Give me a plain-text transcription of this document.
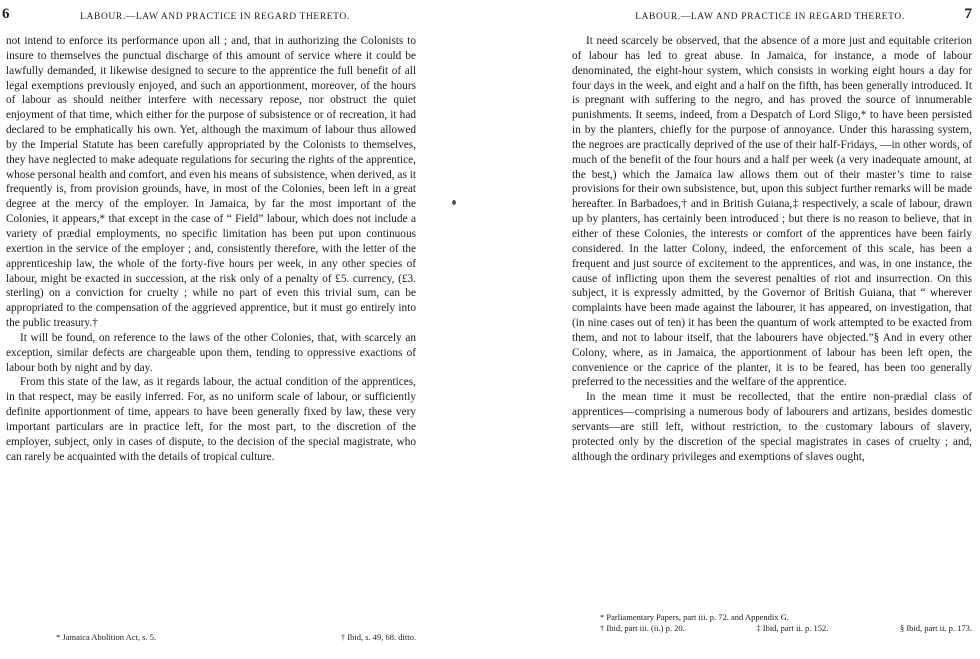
6	LABOUR.—LAW AND PRACTICE IN REGARD THERETO.

not intend to enforce its performance upon all ; and, that in authorizing the Colonists to insure to themselves the punctual discharge of this amount of service where it could be lawfully demanded, it likewise designed to secure to the apprentice the full benefit of all legal exemptions previously enjoyed, and such an apportionment, moreover, of the hours of labour as should neither interfere with necessary repose, nor obstruct the quiet enjoyment of that time, which either for the purpose of subsistence or of recreation, it had declared to be emphatically his own. Yet, although the maximum of labour thus allowed by the Imperial Statute has been carefully appropriated by the Colonists to themselves, they have neglected to make adequate regulations for securing the rights of the apprentice, whose personal health and comfort, and even his means of subsistence, when derived, as it frequently is, from provision grounds, have, in most of the Colonies, been left in a great degree at the mercy of the employer. In Jamaica, by far the most important of the Colonies, it appears,* that except in the case of “ Field” labour, which does not include a variety of prædial employments, no specific limitation has been put upon continuous exertion in the service of the employer ; and, consistently therefore, with the letter of the apprenticeship law, the whole of the forty-five hours per week, in any other species of labour, might be exacted in succession, at the risk only of a penalty of £5. currency, (£3. sterling) on a conviction for cruelty ; while no part of even this trivial sum, can be appropriated to the compensation of the aggrieved apprentice, but it must go entirely into the public treasury.†

It will be found, on reference to the laws of the other Colonies, that, with scarcely an exception, similar defects are chargeable upon them, tending to oppressive exactions of labour both by night and by day.

From this state of the law, as it regards labour, the actual condition of the apprentices, in that respect, may be easily inferred. For, as no uniform scale of labour, or sufficiently definite apportionment of time, appears to have been generally fixed by law, these very important particulars are in practice left, for the most part, to the discretion of the employer, subject, only in cases of dispute, to the decision of the special magistrate, who can rarely be acquainted with the details of tropical culture.

* Jamaica Abolition Act, s. 5.	† Ibid, s. 49, 68. ditto.
LABOUR.—LAW AND PRACTICE IN REGARD THERETO.	7

It need scarcely be observed, that the absence of a more just and equitable criterion of labour has led to great abuse. In Jamaica, for instance, a mode of labour denominated, the eight-hour system, which consists in working eight hours a day for four days in the week, and eight and a half on the fifth, has been generally introduced. It is pregnant with suffering to the negro, and has proved the source of innumerable punishments. It seems, indeed, from a Despatch of Lord Sligo,* to have been persisted in by the planters, chiefly for the purpose of annoyance. Under this harassing system, the negroes are practically deprived of the use of their half-Fridays, —in other words, of much of the benefit of the four hours and a half per week (a very inadequate amount, at the best,) which the Jamaica law allows them out of their master’s time to raise provisions for their own subsistence, but, upon this subject further remarks will be made hereafter. In Barbadoes,† and in British Guiana,‡ respectively, a scale of labour, drawn up by planters, has certainly been introduced ; but there is no reason to believe, that in either of these Colonies, the interests or comfort of the apprentices have been fairly considered. In the latter Colony, indeed, the enforcement of this scale, has been a frequent and just source of excitement to the apprentices, and was, in one instance, the cause of inflicting upon them the severest penalties of riot and insurrection. On this subject, it is expressly admitted, by the Governor of British Guiana, that “ wherever complaints have been made against the labourer, it has appeared, on investigation, that (in nine cases out of ten) it has been the quantum of work attempted to be exacted from them, and not to labour itself, that the labourers have objected.”§ And in every other Colony, where, as in Jamaica, the apportionment of labour has been left open, the convenience or the caprice of the planter, it is to be feared, has been too generally preferred to the necessities and the welfare of the apprentice.

In the mean time it must be recollected, that the entire non-prædial class of apprentices—comprising a numerous body of labourers and artizans, besides domestic servants—are still left, without restriction, to the customary labours of slavery, protected only by the discretion of the special magistrates in cases of cruelty ; and, although the ordinary privileges and exemptions of slaves ought,

* Parliamentary Papers, part iii. p. 72. and Appendix G.
† Ibid, part iii. (ii.) p. 20.	‡ Ibid, part ii. p. 152.	§ Ibid, part ii. p. 173.
